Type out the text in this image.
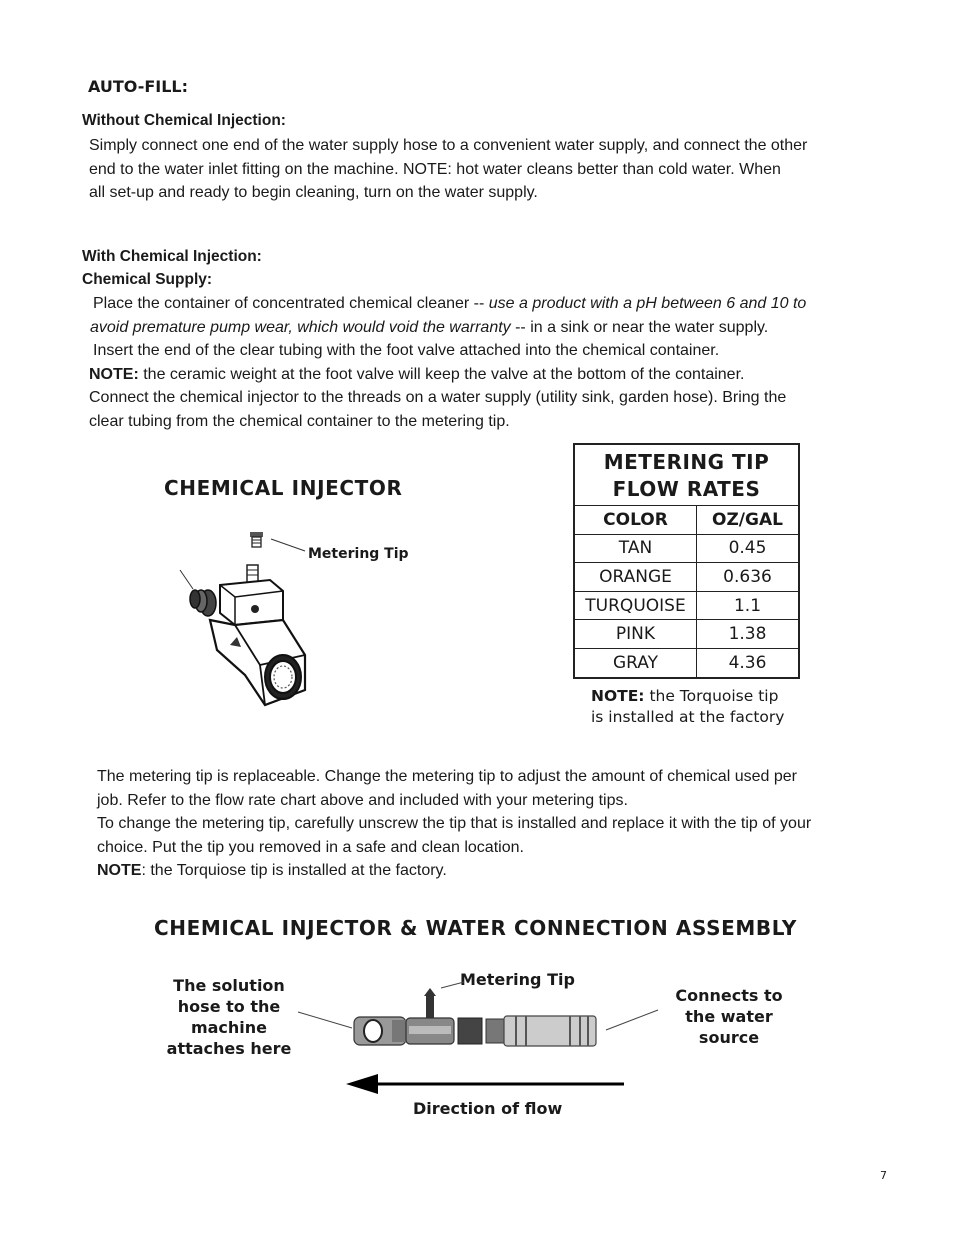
AUTO-FILL:
Without Chemical Injection:

Simply connect one end of the water supply hose to a convenient water supply, and connect the other

end to the water inlet fitting on the machine. NOTE: hot water cleans better than cold water. When

all set-up and ready to begin cleaning, turn on the water supply.

With Chemical Injection:
Chemical Supply:

Place the container of concentrated chemical cleaner -- use a product with a pH between 6 and 10 to

avoid premature pump wear, which would void the warranty -- in a sink or near the water supply.

Insert the end of the clear tubing with the foot valve attached into the chemical container.

NOTE: the ceramic weight at the foot valve will keep the valve at the bottom of the container.

Connect the chemical injector to the threads on a water supply (utility sink, garden hose). Bring the

clear tubing from the chemical container to the metering tip.

CHEMICAL INJECTOR
Metering Tip
METERING TIP
FLOW RATES
COLOR	OZ/GAL
TAN	0.45
ORANGE	0.636
TURQUOISE	1.1
PINK	1.38
GRAY	4.36
NOTE: the Torquoise tip
is installed at the factory

The metering tip is replaceable. Change the metering tip to adjust the amount of chemical used per

job. Refer to the flow rate chart above and included with your metering tips.

To change the metering tip, carefully unscrew the tip that is installed and replace it with the tip of your

choice. Put the tip you removed in a safe and clean location.

NOTE: the Torquiose tip is installed at the factory.

CHEMICAL INJECTOR & WATER CONNECTION ASSEMBLY
The solution
hose to the
machine
attaches here
Metering Tip
Connects to
the water
source
Direction of flow
7
